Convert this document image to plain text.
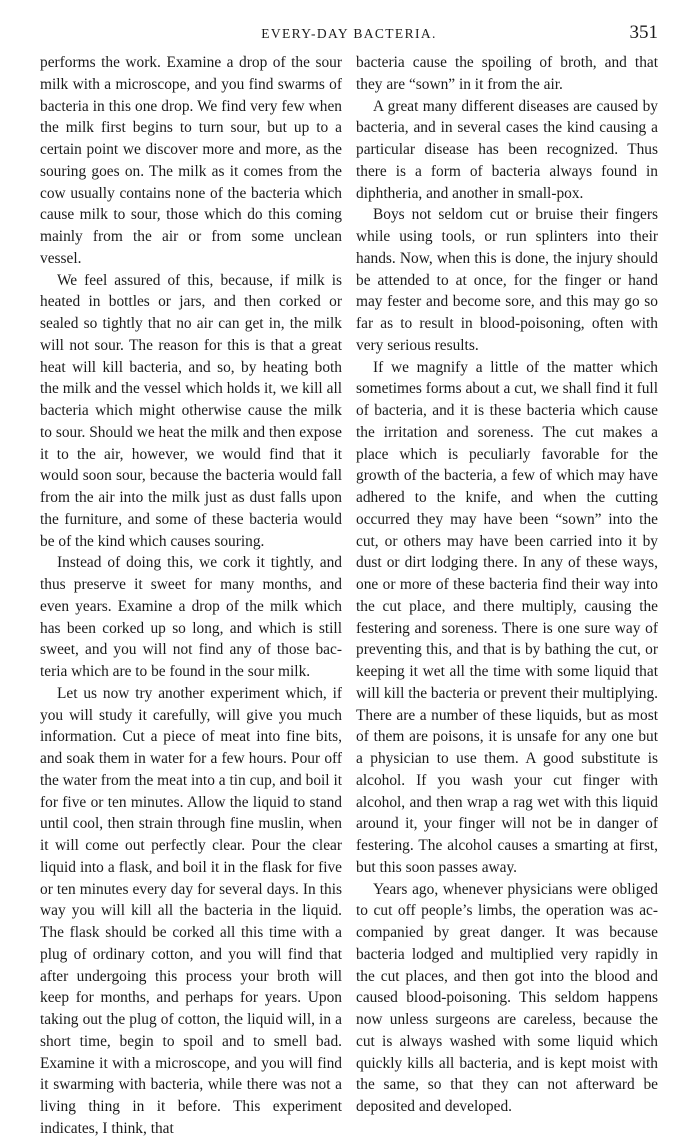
EVERY-DAY BACTERIA.	351

performs the work. Examine a drop of the sour milk with a microscope, and you find swarms of bacteria in this one drop. We find very few when the milk first begins to turn sour, but up to a certain point we discover more and more, as the souring goes on. The milk as it comes from the cow usually contains none of the bacteria which cause milk to sour, those which do this coming mainly from the air or from some unclean vessel.

We feel assured of this, because, if milk is heated in bottles or jars, and then corked or sealed so tightly that no air can get in, the milk will not sour. The reason for this is that a great heat will kill bacteria, and so, by heating both the milk and the vessel which holds it, we kill all bacteria which might otherwise cause the milk to sour. Should we heat the milk and then expose it to the air, however, we would find that it would soon sour, because the bacteria would fall from the air into the milk just as dust falls upon the furniture, and some of these bacteria would be of the kind which causes souring.

Instead of doing this, we cork it tightly, and thus preserve it sweet for many months, and even years. Examine a drop of the milk which has been corked up so long, and which is still sweet, and you will not find any of those bacteria which are to be found in the sour milk.

Let us now try another experiment which, if you will study it carefully, will give you much information. Cut a piece of meat into fine bits, and soak them in water for a few hours. Pour off the water from the meat into a tin cup, and boil it for five or ten minutes. Allow the liquid to stand until cool, then strain through fine muslin, when it will come out perfectly clear. Pour the clear liquid into a flask, and boil it in the flask for five or ten minutes every day for several days. In this way you will kill all the bacteria in the liquid. The flask should be corked all this time with a plug of ordinary cotton, and you will find that after undergoing this process your broth will keep for months, and perhaps for years. Upon taking out the plug of cotton, the liquid will, in a short time, begin to spoil and to smell bad. Examine it with a microscope, and you will find it swarming with bacteria, while there was not a living thing in it before. This experiment indicates, I think, that

bacteria cause the spoiling of broth, and that they are “sown” in it from the air.

A great many different diseases are caused by bacteria, and in several cases the kind causing a particular disease has been recognized. Thus there is a form of bacteria always found in diphtheria, and another in small-pox.

Boys not seldom cut or bruise their fingers while using tools, or run splinters into their hands. Now, when this is done, the injury should be attended to at once, for the finger or hand may fester and become sore, and this may go so far as to result in blood-poisoning, often with very serious results.

If we magnify a little of the matter which sometimes forms about a cut, we shall find it full of bacteria, and it is these bacteria which cause the irritation and soreness. The cut makes a place which is peculiarly favorable for the growth of the bacteria, a few of which may have adhered to the knife, and when the cutting occurred they may have been “sown” into the cut, or others may have been carried into it by dust or dirt lodging there. In any of these ways, one or more of these bacteria find their way into the cut place, and there multiply, causing the festering and soreness. There is one sure way of preventing this, and that is by bathing the cut, or keeping it wet all the time with some liquid that will kill the bacteria or prevent their multiplying. There are a number of these liquids, but as most of them are poisons, it is unsafe for any one but a physician to use them. A good substitute is alcohol. If you wash your cut finger with alcohol, and then wrap a rag wet with this liquid around it, your finger will not be in danger of festering. The alcohol causes a smarting at first, but this soon passes away.

Years ago, whenever physicians were obliged to cut off people’s limbs, the operation was accompanied by great danger. It was because bacteria lodged and multiplied very rapidly in the cut places, and then got into the blood and caused blood-poisoning. This seldom happens now unless surgeons are careless, because the cut is always washed with some liquid which quickly kills all bacteria, and is kept moist with the same, so that they can not afterward be deposited and developed.
